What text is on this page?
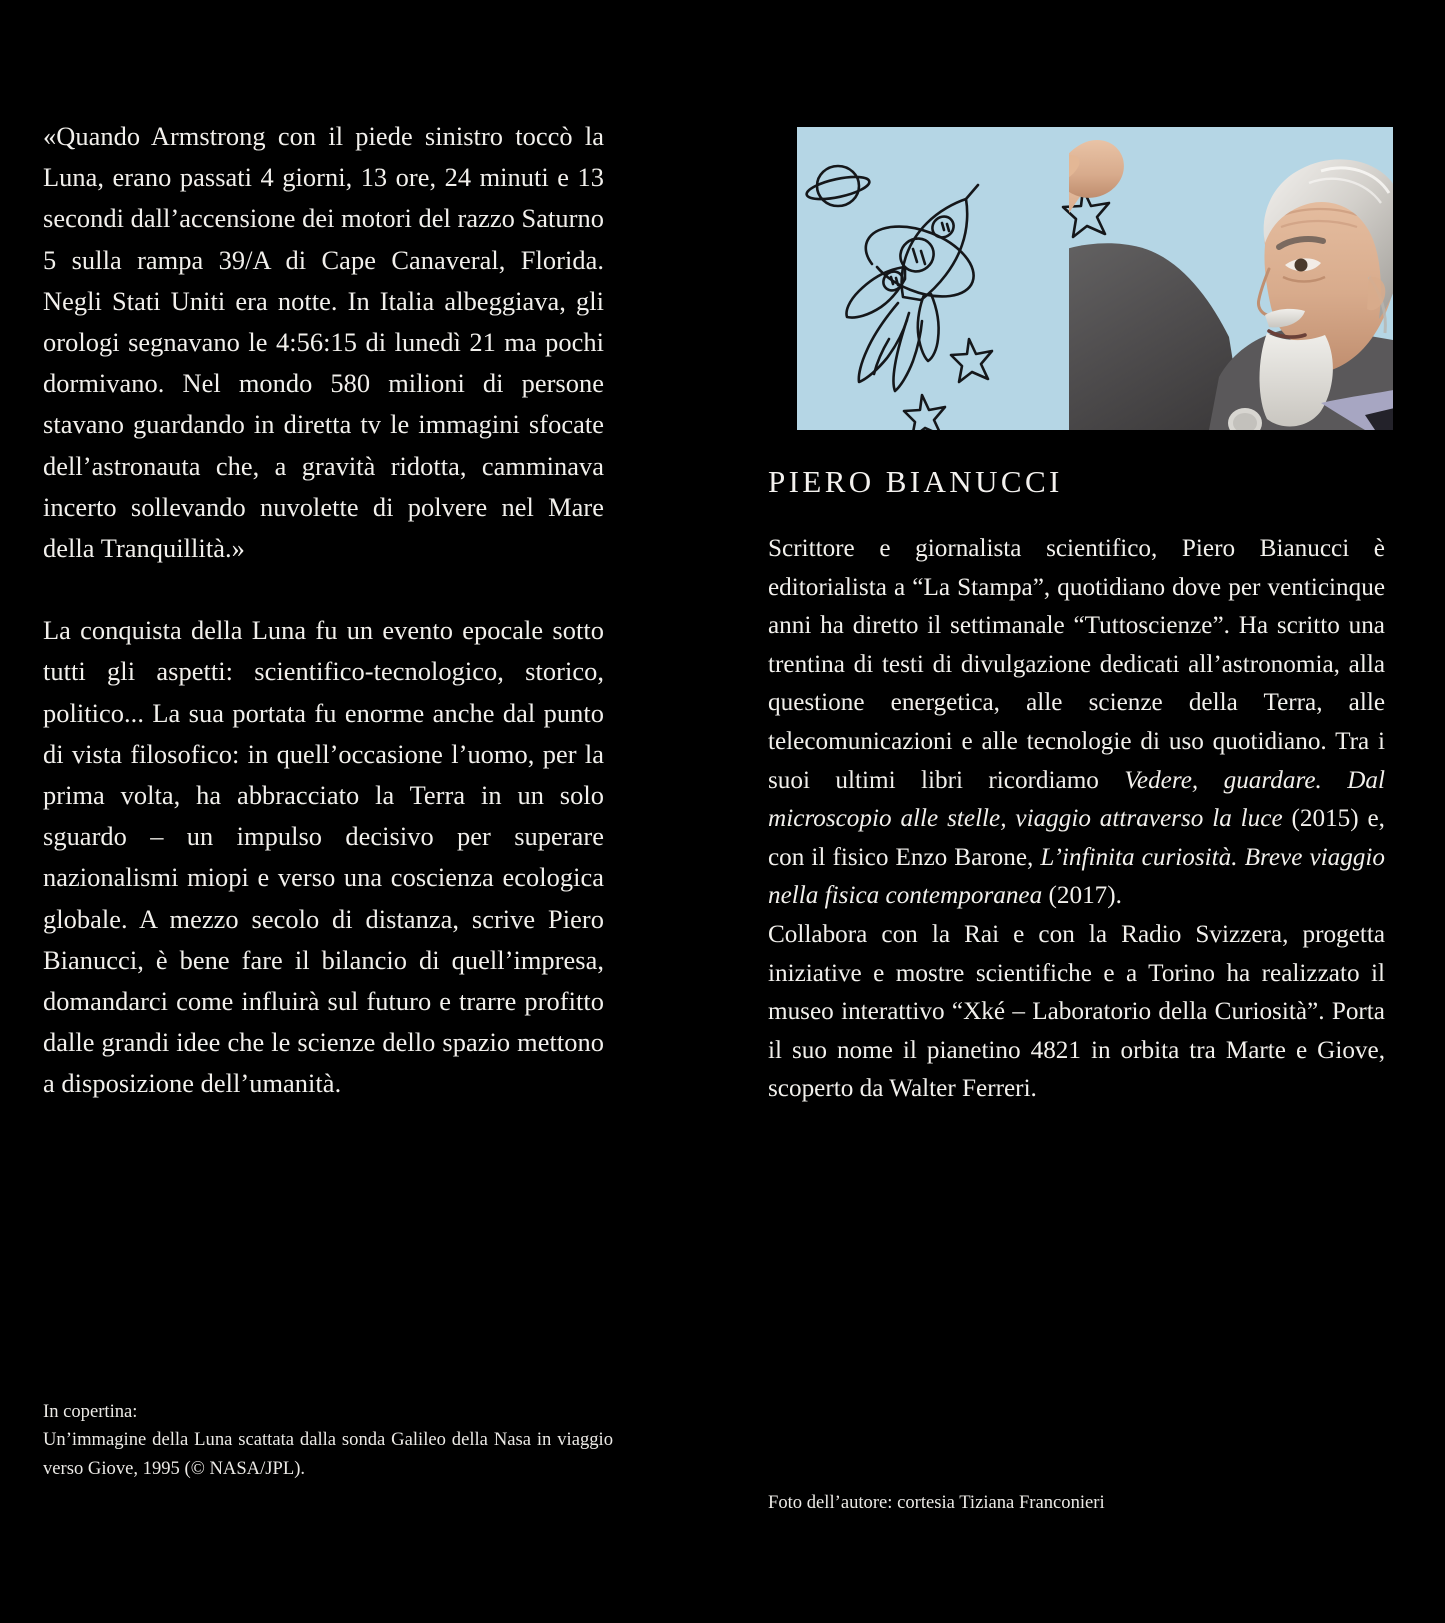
«Quando Armstrong con il piede sinistro toccò la Luna, erano passati 4 giorni, 13 ore, 24 minuti e 13 secondi dall’accensione dei motori del razzo Saturno 5 sulla rampa 39/A di Cape Canaveral, Florida. Negli Stati Uniti era notte. In Italia albeggiava, gli orologi segnavano le 4:56:15 di lunedì 21 ma pochi dormivano. Nel mondo 580 milioni di persone stavano guardando in diretta tv le immagini sfocate dell’astronauta che, a gravità ridotta, camminava incerto sollevando nuvolette di polvere nel Mare della Tranquillità.»

La conquista della Luna fu un evento epocale sotto tutti gli aspetti: scientifico-tecnologico, storico, politico... La sua portata fu enorme anche dal punto di vista filosofico: in quell’occasione l’uomo, per la prima volta, ha abbracciato la Terra in un solo sguardo – un impulso decisivo per superare nazionalismi miopi e verso una coscienza ecologica globale. A mezzo secolo di distanza, scrive Piero Bianucci, è bene fare il bilancio di quell’impresa, domandarci come influirà sul futuro e trarre profitto dalle grandi idee che le scienze dello spazio mettono a disposizione dell’umanità.

PIERO BIANUCCI

Scrittore e giornalista scientifico, Piero Bianucci è editorialista a “La Stampa”, quotidiano dove per venticinque anni ha diretto il settimanale “Tuttoscienze”. Ha scritto una trentina di testi di divulgazione dedicati all’astronomia, alla questione energetica, alle scienze della Terra, alle telecomunicazioni e alle tecnologie di uso quotidiano. Tra i suoi ultimi libri ricordiamo Vedere, guardare. Dal microscopio alle stelle, viaggio attraverso la luce (2015) e, con il fisico Enzo Barone, L’infinita curiosità. Breve viaggio nella fisica contemporanea (2017).

Collabora con la Rai e con la Radio Svizzera, progetta iniziative e mostre scientifiche e a Torino ha realizzato il museo interattivo “Xké – Laboratorio della Curiosità”. Porta il suo nome il pianetino 4821 in orbita tra Marte e Giove, scoperto da Walter Ferreri.

In copertina:
Un’immagine della Luna scattata dalla sonda Galileo della Nasa in viaggio verso Giove, 1995 (© NASA/JPL).
Foto dell’autore: cortesia Tiziana Franconieri
